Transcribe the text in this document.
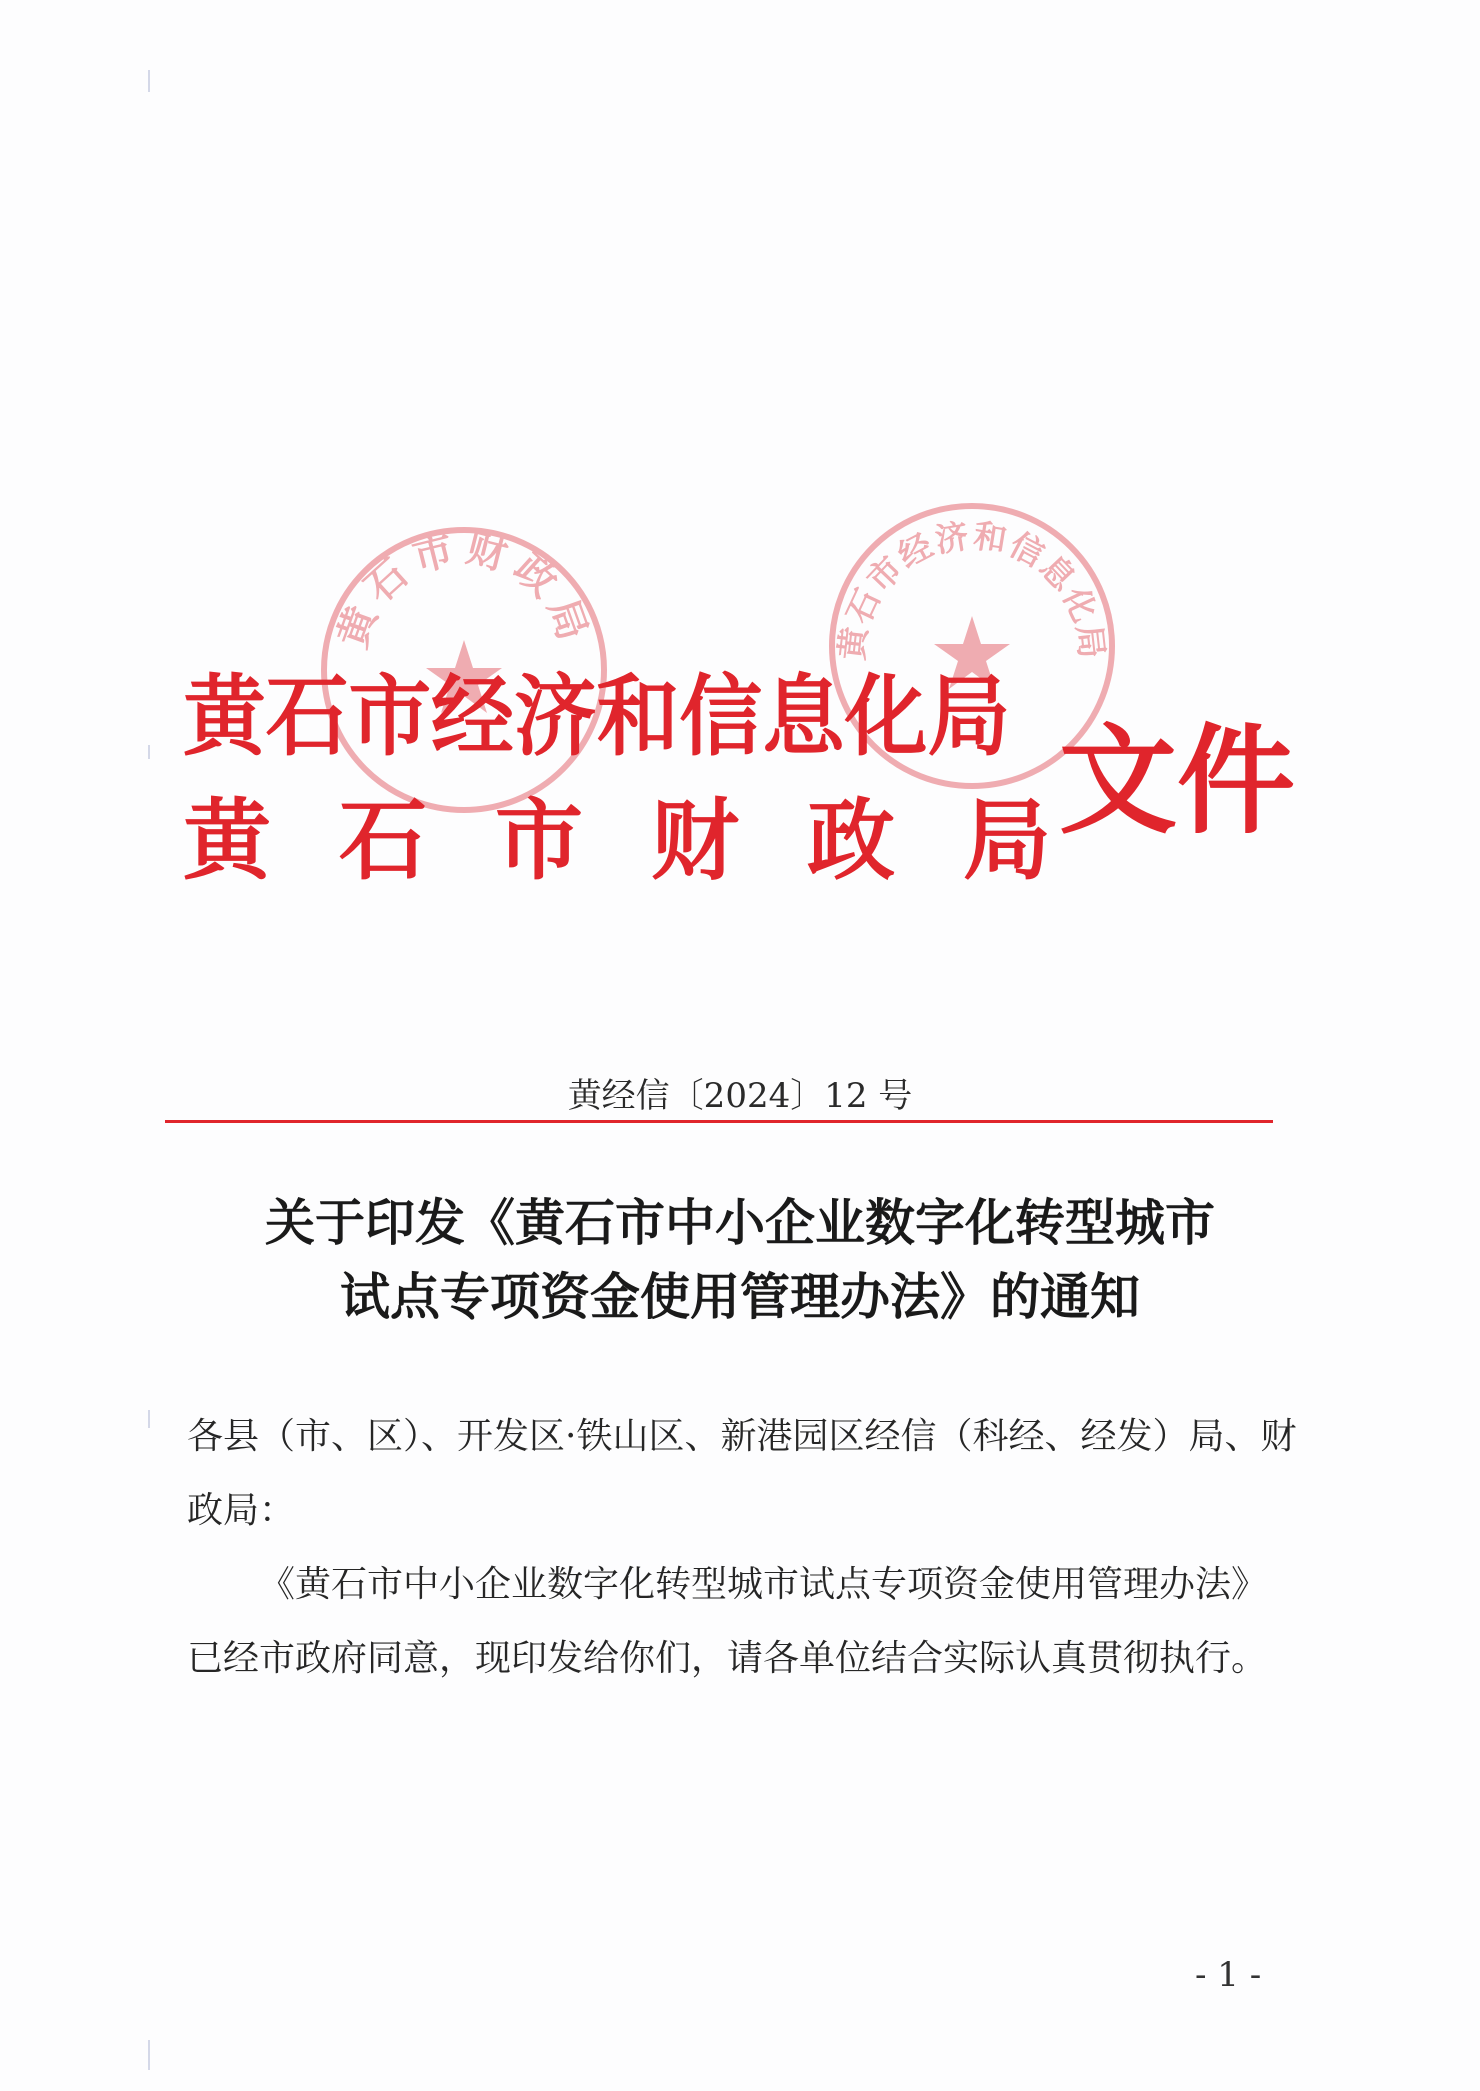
黄石市财政局	黄石市经济和信息化局
黄石市经济和信息化局
黄石市财政局
文件
黄经信〔2024〕12 号
关于印发《黄石市中小企业数字化转型城市
试点专项资金使用管理办法》的通知
各县（市、区）、开发区·铁山区、新港园区经信（科经、经发）局、财政局：
《黄石市中小企业数字化转型城市试点专项资金使用管理办法》已经市政府同意，现印发给你们，请各单位结合实际认真贯彻执行。
- 1 -
